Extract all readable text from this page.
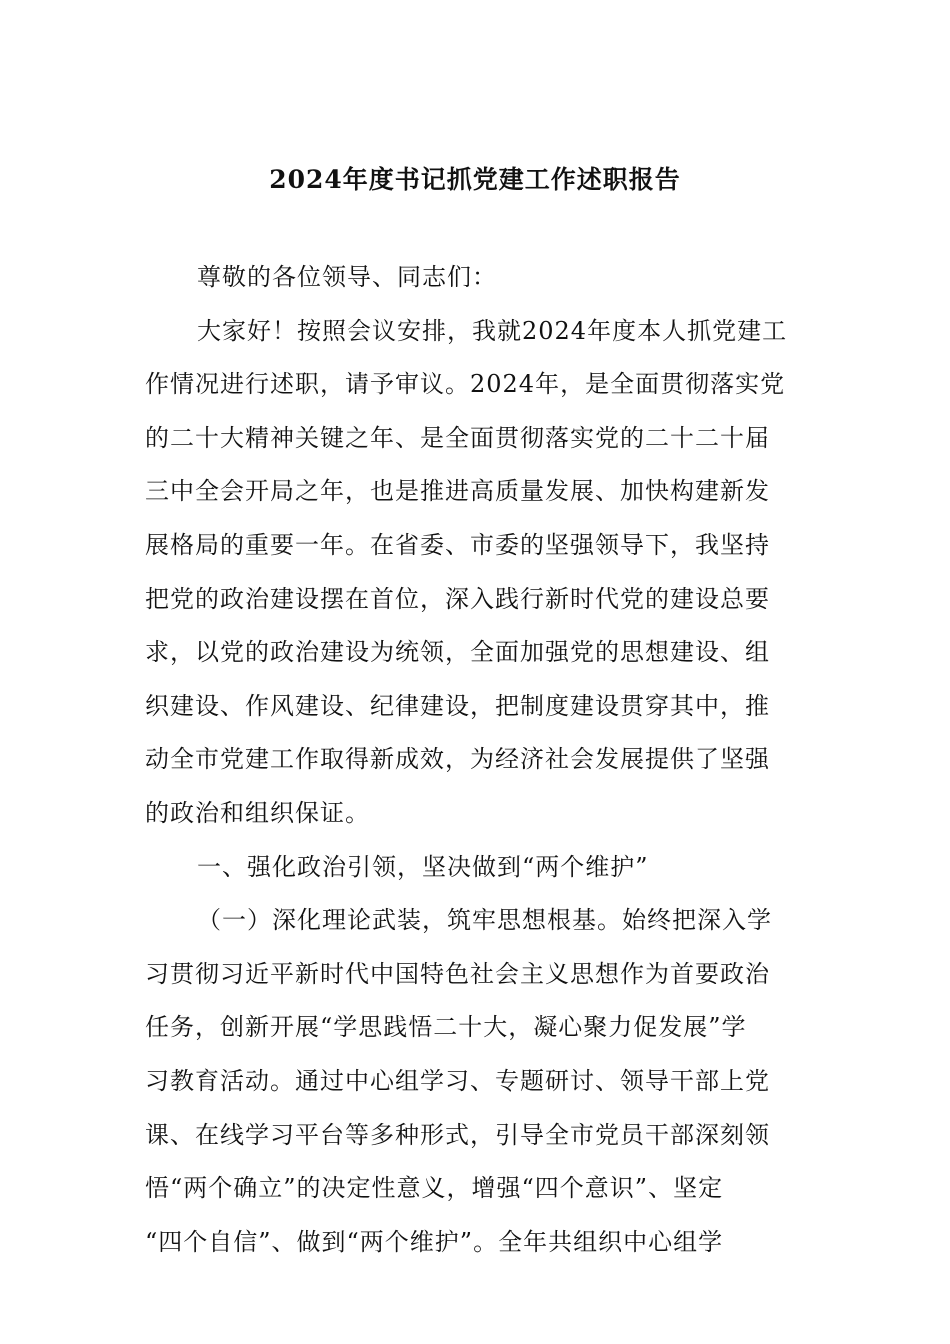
2024年度书记抓党建工作述职报告

尊敬的各位领导、同志们：

大家好！按照会议安排，我就2024年度本人抓党建工
作情况进行述职，请予审议。2024年，是全面贯彻落实党
的二十大精神关键之年、是全面贯彻落实党的二十二十届
三中全会开局之年，也是推进高质量发展、加快构建新发
展格局的重要一年。在省委、市委的坚强领导下，我坚持
把党的政治建设摆在首位，深入践行新时代党的建设总要
求，以党的政治建设为统领，全面加强党的思想建设、组
织建设、作风建设、纪律建设，把制度建设贯穿其中，推
动全市党建工作取得新成效，为经济社会发展提供了坚强
的政治和组织保证。

一、强化政治引领，坚决做到“两个维护”

（一）深化理论武装，筑牢思想根基。始终把深入学
习贯彻习近平新时代中国特色社会主义思想作为首要政治
任务，创新开展“学思践悟二十大，凝心聚力促发展”学
习教育活动。通过中心组学习、专题研讨、领导干部上党
课、在线学习平台等多种形式，引导全市党员干部深刻领
悟“两个确立”的决定性意义，增强“四个意识”、坚定
“四个自信”、做到“两个维护”。全年共组织中心组学
